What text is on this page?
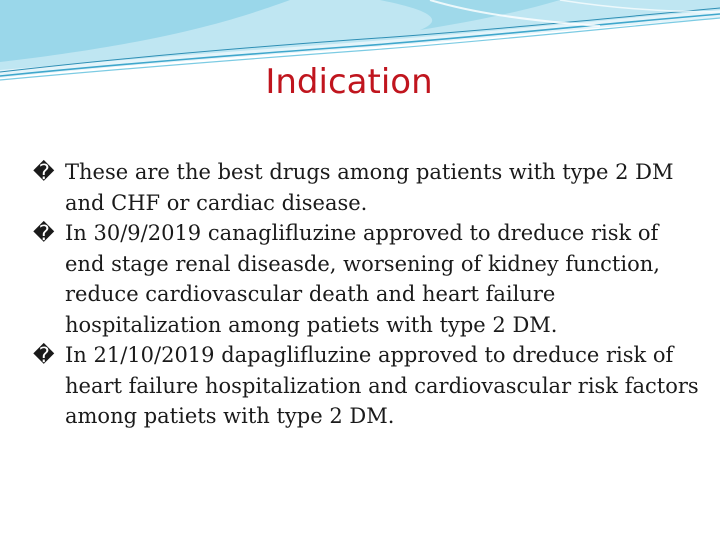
Indication
� These are the best drugs among patients with type 2 DM and CHF or cardiac disease.
� In 30/9/2019 canaglifluzine approved to dreduce risk of end stage renal diseasde, worsening of kidney function, reduce cardiovascular death and heart failure hospitalization among patiets with type 2 DM.
� In 21/10/2019 dapaglifluzine approved to dreduce risk of heart failure hospitalization and cardiovascular risk factors among patiets with type 2 DM.
